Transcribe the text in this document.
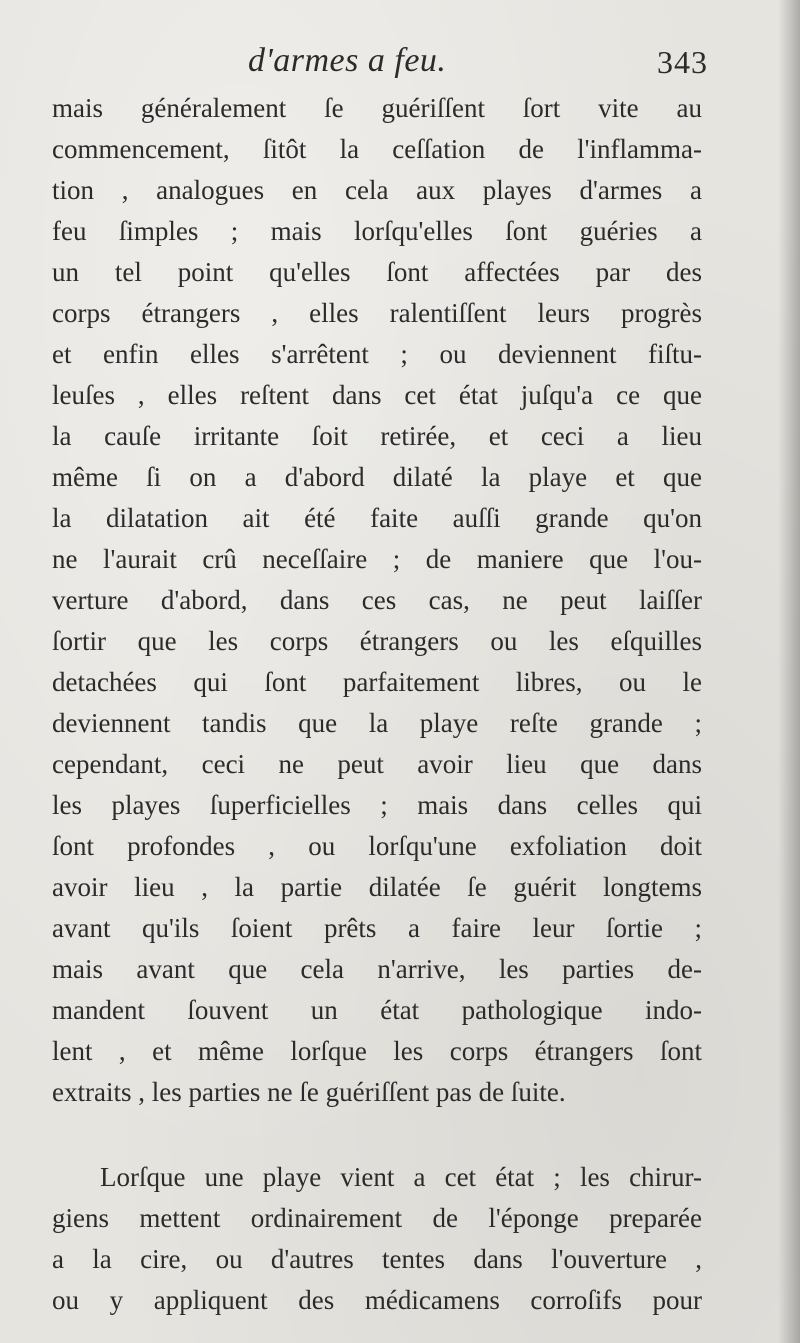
d'armes a feu.	343
mais généralement ſe guériſſent ſort vite au
commencement, ſitôt la ceſſation de l'inflamma-
tion , analogues en cela aux playes d'armes a
feu ſimples ; mais lorſqu'elles ſont guéries a
un tel point qu'elles ſont affectées par des
corps étrangers , elles ralentiſſent leurs progrès
et enfin elles s'arrêtent ; ou deviennent fiſtu-
leuſes , elles reſtent dans cet état juſqu'a ce que
la cauſe irritante ſoit retirée, et ceci a lieu
même ſi on a d'abord dilaté la playe et que
la dilatation ait été faite auſſi grande qu'on
ne l'aurait crû neceſſaire ; de maniere que l'ou-
verture d'abord, dans ces cas, ne peut laiſſer
ſortir que les corps étrangers ou les eſquilles
detachées qui ſont parfaitement libres, ou le
deviennent tandis que la playe reſte grande ;
cependant, ceci ne peut avoir lieu que dans
les playes ſuperficielles ; mais dans celles qui
ſont profondes , ou lorſqu'une exfoliation doit
avoir lieu , la partie dilatée ſe guérit longtems
avant qu'ils ſoient prêts a faire leur ſortie ;
mais avant que cela n'arrive, les parties de-
mandent ſouvent un état pathologique indo-
lent , et même lorſque les corps étrangers ſont
extraits , les parties ne ſe guériſſent pas de ſuite.
Lorſque une playe vient a cet état ; les chirur-
giens mettent ordinairement de l'éponge preparée
a la cire, ou d'autres tentes dans l'ouverture ,
ou y appliquent des médicamens corroſifs pour
